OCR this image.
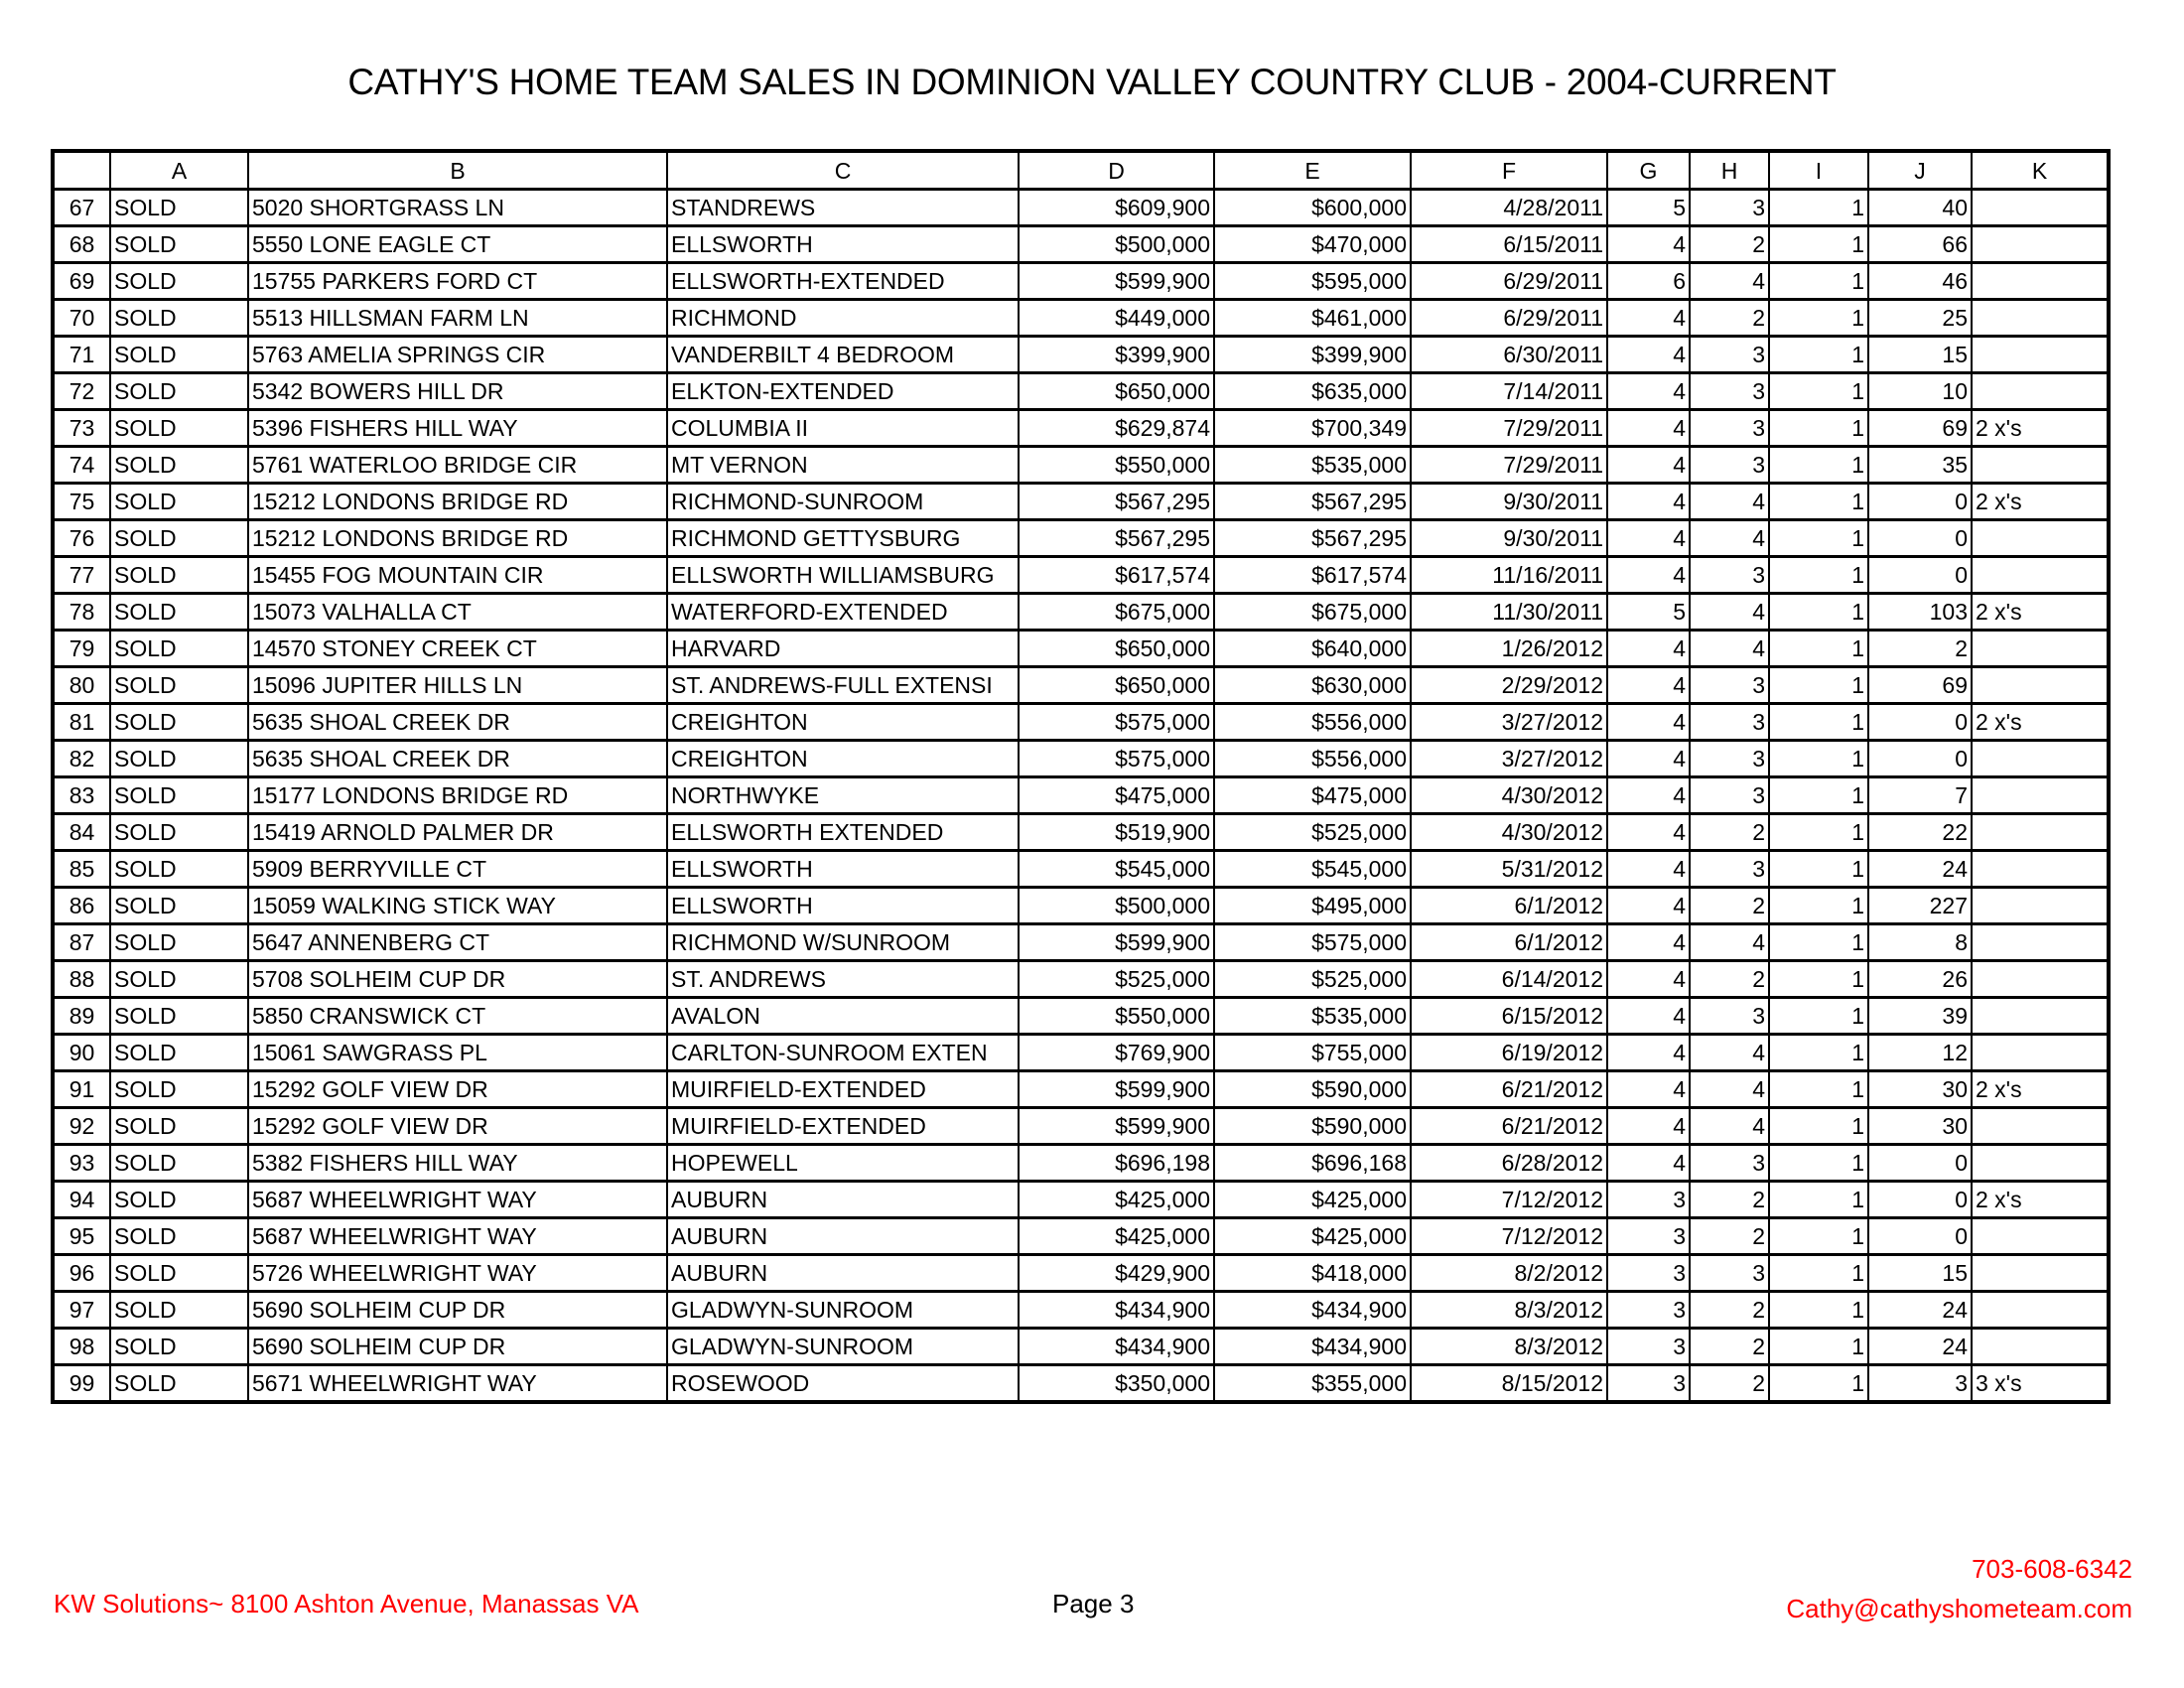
CATHY'S HOME TEAM SALES IN DOMINION VALLEY COUNTRY CLUB - 2004-CURRENT
	A	B	C	D	E	F	G	H	I	J	K
67	SOLD	5020 SHORTGRASS LN	STANDREWS	$609,900	$600,000	4/28/2011	5	3	1	40	
68	SOLD	5550 LONE EAGLE CT	ELLSWORTH	$500,000	$470,000	6/15/2011	4	2	1	66	
69	SOLD	15755 PARKERS FORD CT	ELLSWORTH-EXTENDED	$599,900	$595,000	6/29/2011	6	4	1	46	
70	SOLD	5513 HILLSMAN FARM LN	RICHMOND	$449,000	$461,000	6/29/2011	4	2	1	25	
71	SOLD	5763 AMELIA SPRINGS CIR	VANDERBILT 4 BEDROOM	$399,900	$399,900	6/30/2011	4	3	1	15	
72	SOLD	5342 BOWERS HILL DR	ELKTON-EXTENDED	$650,000	$635,000	7/14/2011	4	3	1	10	
73	SOLD	5396 FISHERS HILL WAY	COLUMBIA II	$629,874	$700,349	7/29/2011	4	3	1	69	2 x's
74	SOLD	5761 WATERLOO BRIDGE CIR	MT VERNON	$550,000	$535,000	7/29/2011	4	3	1	35	
75	SOLD	15212 LONDONS BRIDGE RD	RICHMOND-SUNROOM	$567,295	$567,295	9/30/2011	4	4	1	0	2 x's
76	SOLD	15212 LONDONS BRIDGE RD	RICHMOND GETTYSBURG	$567,295	$567,295	9/30/2011	4	4	1	0	
77	SOLD	15455 FOG MOUNTAIN CIR	ELLSWORTH WILLIAMSBURG	$617,574	$617,574	11/16/2011	4	3	1	0	
78	SOLD	15073 VALHALLA CT	WATERFORD-EXTENDED	$675,000	$675,000	11/30/2011	5	4	1	103	2 x's
79	SOLD	14570 STONEY CREEK CT	HARVARD	$650,000	$640,000	1/26/2012	4	4	1	2	
80	SOLD	15096 JUPITER HILLS LN	ST. ANDREWS-FULL EXTENSI	$650,000	$630,000	2/29/2012	4	3	1	69	
81	SOLD	5635 SHOAL CREEK DR	CREIGHTON	$575,000	$556,000	3/27/2012	4	3	1	0	2 x's
82	SOLD	5635 SHOAL CREEK DR	CREIGHTON	$575,000	$556,000	3/27/2012	4	3	1	0	
83	SOLD	15177 LONDONS BRIDGE RD	NORTHWYKE	$475,000	$475,000	4/30/2012	4	3	1	7	
84	SOLD	15419 ARNOLD PALMER DR	ELLSWORTH EXTENDED	$519,900	$525,000	4/30/2012	4	2	1	22	
85	SOLD	5909 BERRYVILLE CT	ELLSWORTH	$545,000	$545,000	5/31/2012	4	3	1	24	
86	SOLD	15059 WALKING STICK WAY	ELLSWORTH	$500,000	$495,000	6/1/2012	4	2	1	227	
87	SOLD	5647 ANNENBERG CT	RICHMOND W/SUNROOM	$599,900	$575,000	6/1/2012	4	4	1	8	
88	SOLD	5708 SOLHEIM CUP DR	ST. ANDREWS	$525,000	$525,000	6/14/2012	4	2	1	26	
89	SOLD	5850 CRANSWICK CT	AVALON	$550,000	$535,000	6/15/2012	4	3	1	39	
90	SOLD	15061 SAWGRASS PL	CARLTON-SUNROOM EXTEN	$769,900	$755,000	6/19/2012	4	4	1	12	
91	SOLD	15292 GOLF VIEW DR	MUIRFIELD-EXTENDED	$599,900	$590,000	6/21/2012	4	4	1	30	2 x's
92	SOLD	15292 GOLF VIEW DR	MUIRFIELD-EXTENDED	$599,900	$590,000	6/21/2012	4	4	1	30	
93	SOLD	5382 FISHERS HILL WAY	HOPEWELL	$696,198	$696,168	6/28/2012	4	3	1	0	
94	SOLD	5687 WHEELWRIGHT WAY	AUBURN	$425,000	$425,000	7/12/2012	3	2	1	0	2 x's
95	SOLD	5687 WHEELWRIGHT WAY	AUBURN	$425,000	$425,000	7/12/2012	3	2	1	0	
96	SOLD	5726 WHEELWRIGHT WAY	AUBURN	$429,900	$418,000	8/2/2012	3	3	1	15	
97	SOLD	5690 SOLHEIM CUP DR	GLADWYN-SUNROOM	$434,900	$434,900	8/3/2012	3	2	1	24	
98	SOLD	5690 SOLHEIM CUP DR	GLADWYN-SUNROOM	$434,900	$434,900	8/3/2012	3	2	1	24	
99	SOLD	5671 WHEELWRIGHT WAY	ROSEWOOD	$350,000	$355,000	8/15/2012	3	2	1	3	3 x's
KW Solutions~ 8100 Ashton Avenue, Manassas VA	Page 3
703-608-6342
Cathy@cathyshometeam.com
